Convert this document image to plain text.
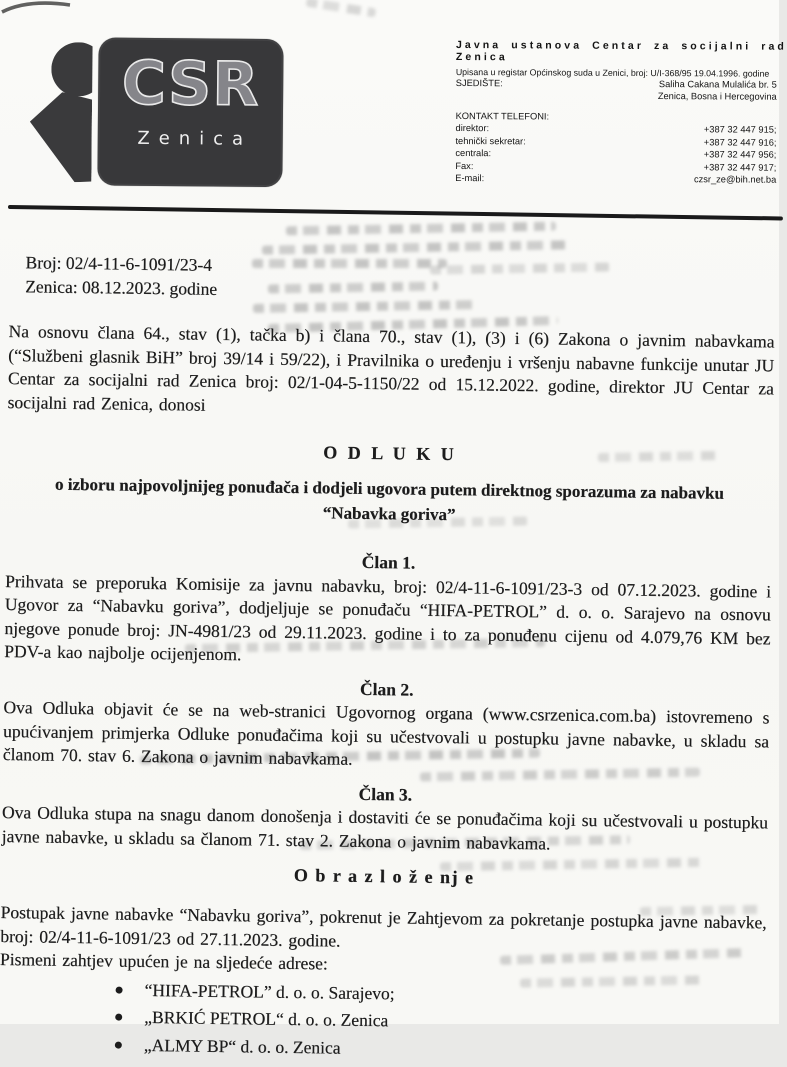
CSR
Zenica
Javna ustanova Centar za socijalni rad
Zenica
Upisana u registar Općinskog suda u Zenici, broj: U/I-368/95 19.04.1996. godine
SJEDIŠTE:	Saliha Cakana Mulalića br. 5
Zenica, Bosna i Hercegovina
KONTAKT TELEFONI:
direktor:	+387 32 447 915;
tehnički sekretar:	+387 32 447 916;
centrala:	+387 32 447 956;
Fax:	+387 32 447 917;
E-mail:	czsr_ze@bih.net.ba
Broj: 02/4-11-6-1091/23-4
Zenica: 08.12.2023. godine

Na osnovu člana 64., stav (1), tačka b) i člana 70., stav (1), (3) i (6) Zakona o javnim nabavkama (“Službeni glasnik BiH” broj 39/14 i 59/22), i Pravilnika o uređenju i vršenju nabavne funkcije unutar JU Centar za socijalni rad Zenica broj: 02/1-04-5-1150/22 od 15.12.2022. godine, direktor JU Centar za socijalni rad Zenica, donosi

O D L U K U
o izboru najpovoljnijeg ponuđača i dodjeli ugovora putem direktnog sporazuma za nabavku
“Nabavka goriva”
Član 1.

Prihvata se preporuka Komisije za javnu nabavku, broj: 02/4-11-6-1091/23-3 od 07.12.2023. godine i Ugovor za “Nabavku goriva”, dodjeljuje se ponuđaču “HIFA-PETROL” d. o. o. Sarajevo na osnovu njegove ponude broj: JN-4981/23 od 29.11.2023. godine i to za ponuđenu cijenu od 4.079,76 KM bez PDV-a kao najbolje ocijenjenom.

Član 2.

Ova Odluka objavit će se na web-stranici Ugovornog organa (www.csrzenica.com.ba) istovremeno s upućivanjem primjerka Odluke ponuđačima koji su učestvovali u postupku javne nabavke, u skladu sa članom 70. stav 6. Zakona o javnim nabavkama.

Član 3.

Ova Odluka stupa na snagu danom donošenja i dostaviti će se ponuđačima koji su učestvovali u postupku javne nabavke, u skladu sa članom 71. stav 2. Zakona o javnim nabavkama.

O b r a z l o ž e nj e

Postupak javne nabavke “Nabavku goriva”, pokrenut je Zahtjevom za pokretanje postupka javne nabavke, broj: 02/4-11-6-1091/23 od 27.11.2023. godine.

Pismeni zahtjev upućen je na sljedeće adrese:

“HIFA-PETROL” d. o. o. Sarajevo;
„BRKIĆ PETROL“ d. o. o. Zenica
„ALMY BP“ d. o. o. Zenica
